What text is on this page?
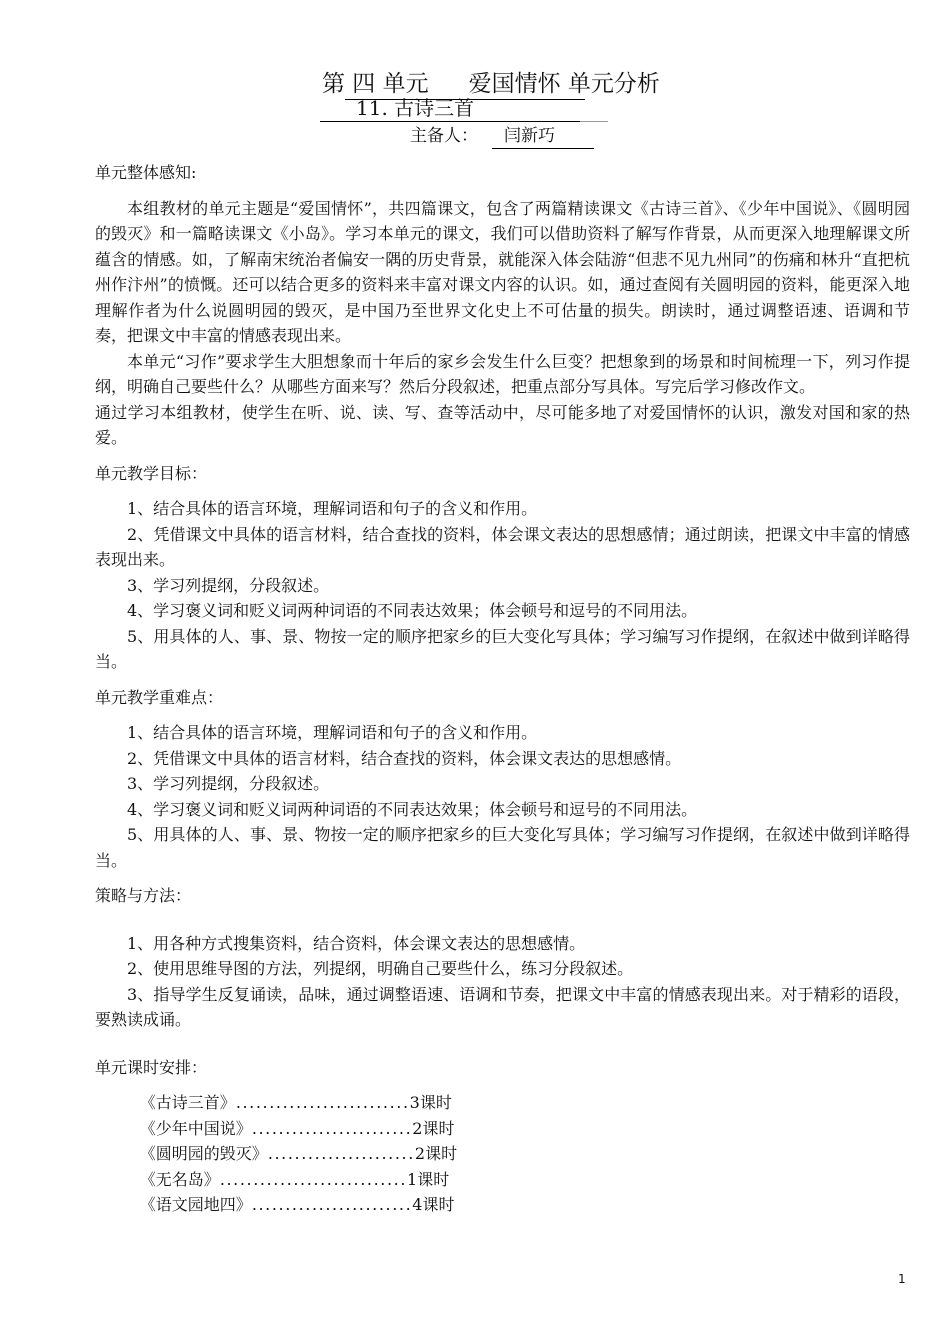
第 四 单元 爱国情怀 单元分析
11. 古诗三首
主备人： 闫新巧
单元整体感知:

本组教材的单元主题是“爱国情怀”，共四篇课文，包含了两篇精读课文《古诗三首》、《少年中国说》、《圆明园的毁灭》和一篇略读课文《小岛》。学习本单元的课文，我们可以借助资料了解写作背景，从而更深入地理解课文所蕴含的情感。如，了解南宋统治者偏安一隅的历史背景，就能深入体会陆游“但悲不见九州同”的伤痛和林升“直把杭州作汴州”的愤慨。还可以结合更多的资料来丰富对课文内容的认识。如，通过查阅有关圆明园的资料，能更深入地理解作者为什么说圆明园的毁灭，是中国乃至世界文化史上不可估量的损失。朗读时，通过调整语速、语调和节奏，把课文中丰富的情感表现出来。

本单元“习作”要求学生大胆想象而十年后的家乡会发生什么巨变？把想象到的场景和时间梳理一下，列习作提纲，明确自己要些什么？从哪些方面来写？然后分段叙述，把重点部分写具体。写完后学习修改作文。

通过学习本组教材，使学生在听、说、读、写、查等活动中，尽可能多地了对爱国情怀的认识，激发对国和家的热爱。

单元教学目标：
1、结合具体的语言环境，理解词语和句子的含义和作用。
2、凭借课文中具体的语言材料，结合查找的资料，体会课文表达的思想感情；通过朗读，把课文中丰富的情感表现出来。
3、学习列提纲，分段叙述。
4、学习褒义词和贬义词两种词语的不同表达效果；体会顿号和逗号的不同用法。
5、用具体的人、事、景、物按一定的顺序把家乡的巨大变化写具体；学习编写习作提纲，在叙述中做到详略得当。
单元教学重难点：
1、结合具体的语言环境，理解词语和句子的含义和作用。
2、凭借课文中具体的语言材料，结合查找的资料，体会课文表达的思想感情。
3、学习列提纲，分段叙述。
4、学习褒义词和贬义词两种词语的不同表达效果；体会顿号和逗号的不同用法。
5、用具体的人、事、景、物按一定的顺序把家乡的巨大变化写具体；学习编写习作提纲，在叙述中做到详略得当。
策略与方法：
1、用各种方式搜集资料，结合资料，体会课文表达的思想感情。
2、使用思维导图的方法，列提纲，明确自己要些什么，练习分段叙述。
3、指导学生反复诵读，品味，通过调整语速、语调和节奏，把课文中丰富的情感表现出来。对于精彩的语段，要熟读成诵。
单元课时安排：
《古诗三首》..........................3课时
《少年中国说》........................2课时
《圆明园的毁灭》......................2课时
《无名岛》............................1课时
《语文园地四》........................4课时
1
